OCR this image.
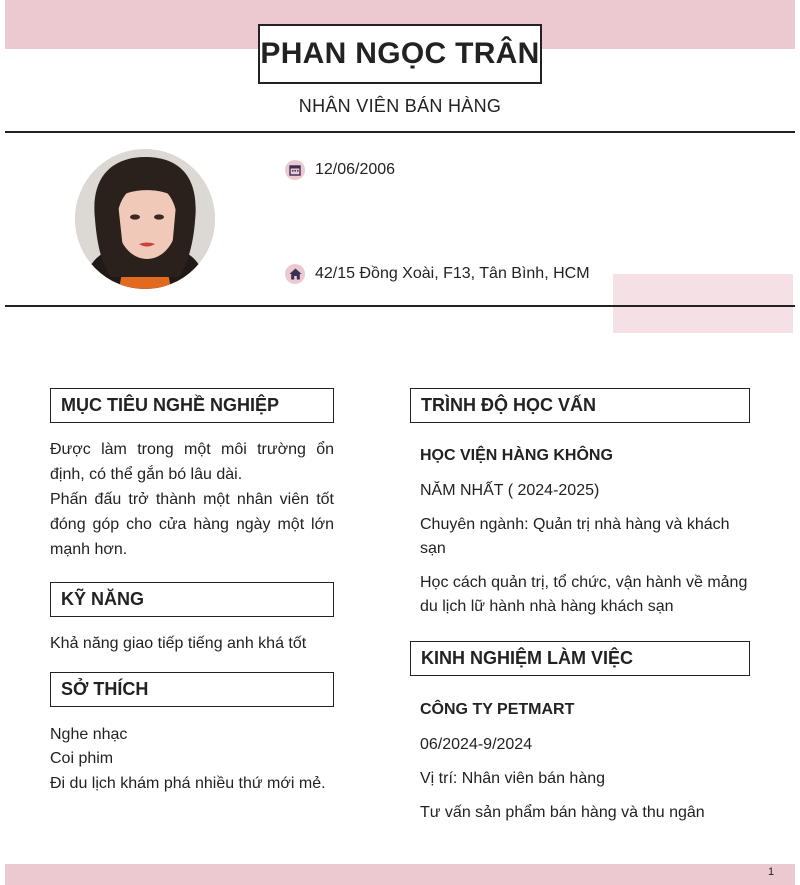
PHAN NGỌC TRÂN
NHÂN VIÊN BÁN HÀNG
12/06/2006
42/15 Đồng Xoài, F13, Tân Bình, HCM
MỤC TIÊU NGHỀ NGHIỆP

Được làm trong một môi trường ổn định, có thể gắn bó lâu dài.

Phấn đấu trở thành một nhân viên tốt đóng góp cho cửa hàng ngày một lớn mạnh hơn.

KỸ NĂNG

Khả năng giao tiếp tiếng anh khá tốt

SỞ THÍCH

Nghe nhạc

Coi phim

Đi du lịch khám phá nhiều thứ mới mẻ.

TRÌNH ĐỘ HỌC VẤN

HỌC VIỆN HÀNG KHÔNG

NĂM NHẤT ( 2024-2025)

Chuyên ngành: Quản trị nhà hàng và khách sạn

Học cách quản trị, tổ chức, vận hành về mảng du lịch lữ hành nhà hàng khách sạn

KINH NGHIỆM LÀM VIỆC

CÔNG TY PETMART

06/2024-9/2024

Vị trí: Nhân viên bán hàng

Tư vấn sản phẩm bán hàng và thu ngân

1
